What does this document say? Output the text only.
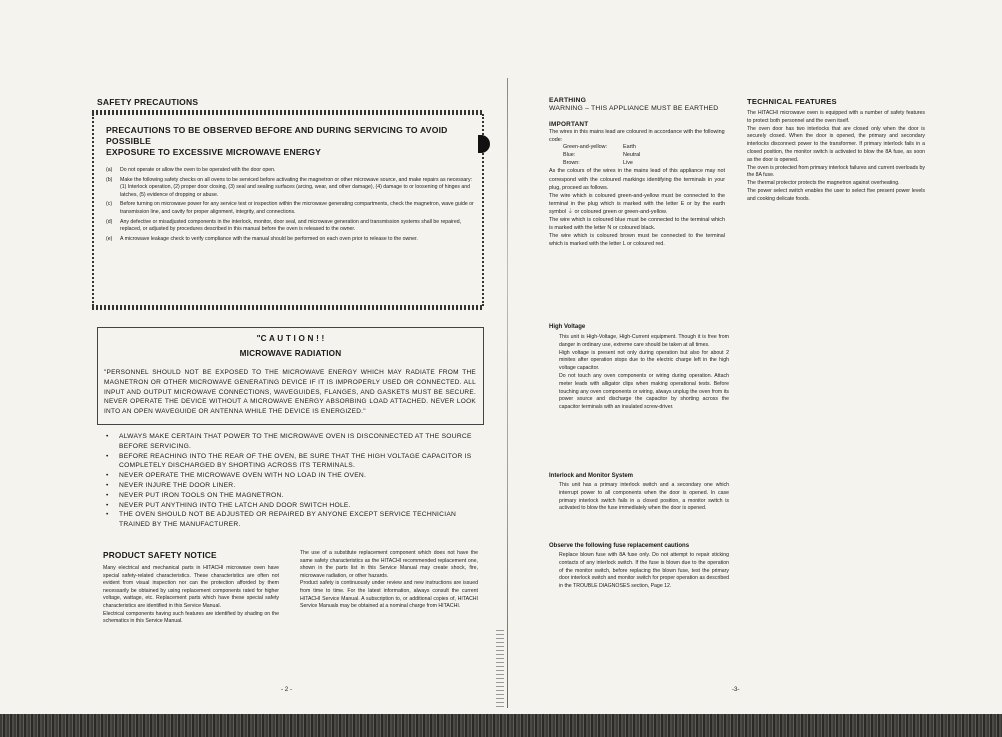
SAFETY PRECAUTIONS
PRECAUTIONS TO BE OBSERVED BEFORE AND DURING SERVICING TO AVOID POSSIBLE
EXPOSURE TO EXCESSIVE MICROWAVE ENERGY
(a) Do not operate or allow the oven to be operated with the door open.
(b) Make the following safety checks on all ovens to be serviced before activating the magnetron or other microwave source, and make repairs as necessary: (1) Interlock operation, (2) proper door closing, (3) seal and sealing surfaces (arcing, wear, and other damage), (4) damage to or loosening of hinges and latches, (5) evidence of dropping or abuse.
(c) Before turning on microwave power for any service test or inspection within the microwave generating compartments, check the magnetron, wave guide or transmission line, and cavity for proper alignment, integrity, and connections.
(d) Any defective or misadjusted components in the interlock, monitor, door seal, and microwave generation and transmission systems shall be repaired, replaced, or adjusted by procedures described in this manual before the oven is released to the owner.
(e) A microwave leakage check to verify compliance with the manual should be performed on each oven prior to release to the owner.
"C A U T I O N ! !
MICROWAVE RADIATION
"PERSONNEL SHOULD NOT BE EXPOSED TO THE MICROWAVE ENERGY WHICH MAY RADIATE FROM THE MAGNETRON OR OTHER MICROWAVE GENERATING DEVICE IF IT IS IMPROPERLY USED OR CONNECTED. ALL INPUT AND OUTPUT MICROWAVE CONNECTIONS, WAVEGUIDES, FLANGES, AND GASKETS MUST BE SECURE. NEVER OPERATE THE DEVICE WITHOUT A MICROWAVE ENERGY ABSORBING LOAD ATTACHED. NEVER LOOK INTO AN OPEN WAVEGUIDE OR ANTENNA WHILE THE DEVICE IS ENERGIZED."
• ALWAYS MAKE CERTAIN THAT POWER TO THE MICROWAVE OVEN IS DISCONNECTED AT THE SOURCE BEFORE SERVICING.
• BEFORE REACHING INTO THE REAR OF THE OVEN, BE SURE THAT THE HIGH VOLTAGE CAPACITOR IS COMPLETELY DISCHARGED BY SHORTING ACROSS ITS TERMINALS.
• NEVER OPERATE THE MICROWAVE OVEN WITH NO LOAD IN THE OVEN.
• NEVER INJURE THE DOOR LINER.
• NEVER PUT IRON TOOLS ON THE MAGNETRON.
• NEVER PUT ANYTHING INTO THE LATCH AND DOOR SWITCH HOLE.
• THE OVEN SHOULD NOT BE ADJUSTED OR REPAIRED BY ANYONE EXCEPT SERVICE TECHNICIAN TRAINED BY THE MANUFACTURER.
PRODUCT SAFETY NOTICE
Many electrical and mechanical parts in HITACHI microwave oven have special safety-related characteristics. These characteristics are often not evident from visual inspection nor can the protection afforded by them necessarily be obtained by using replacement components rated for higher voltage, wattage, etc. Replacement parts which have these special safety characteristics are identified in this Service Manual.
Electrical components having such features are identified by shading on the schematics in this Service Manual.
The use of a substitute replacement component which does not have the same safety characteristics as the HITACHI recommended replacement one, shown in the parts list in this Service Manual may create shock, fire, microwave radiation, or other hazards.
Product safety is continuously under review and new instructions are issued from time to time. For the latest information, always consult the current HITACHI Service Manual. A subscription to, or additional copies of, HITACHI Service Manuals may be obtained at a nominal charge from HITACHI.
- 2 -
EARTHING
WARNING – THIS APPLIANCE MUST BE EARTHED
IMPORTANT

The wires in this mains lead are coloured in accordance with the following code:

Green-and-yellow:	Earth
Blue:	Neutral
Brown:	Live

As the colours of the wires in the mains lead of this appliance may not correspond with the coloured markings identifying the terminals in your plug, proceed as follows.
The wire which is coloured green-and-yellow must be connected to the terminal in the plug which is marked with the letter E or by the earth symbol ⏚ or coloured green or green-and-yellow.
The wire which is coloured blue must be connected to the terminal which is marked with the letter N or coloured black.
The wire which is coloured brown must be connected to the terminal which is marked with the letter L or coloured red.

TECHNICAL FEATURES

The HITACHI microwave oven is equipped with a number of safety features to protect both personnel and the oven itself.
The oven door has two interlocks that are closed only when the door is securely closed. When the door is opened, the primary and secondary interlocks disconnect power to the transformer. If primary interlock fails in a closed position, the monitor switch is activated to blow the 8A fuse, as soon as the door is opened.
The oven is protected from primary interlock failures and current overloads by the 8A fuse.
The thermal protector protects the magnetron against overheating.
The power select switch enables the user to select five present power levels and cooking delicate foods.

High Voltage

This unit is High-Voltage, High-Current equipment. Though it is free from danger in ordinary use, extreme care should be taken at all times.
High voltage is present not only during operation but also for about 2 minites after operation stops due to the electric charge left in the high voltage capacitor.
Do not touch any oven components or wiring during operation. Attach meter leads with alligator clips when making operational tests. Before touching any oven components or wiring, always unplug the oven from its power source and discharge the capacitor by shorting across the capacitor terminals with an insulated screw-driver.

Interlock and Monitor System

This unit has a primary interlock switch and a secondary one which interrupt power to all components when the door is opened. In case primary interlock switch fails in a closed position, a monitor switch is activated to blow the fuse immediately when the door is opened.

Observe the following fuse replacement cautions

Replace blown fuse with 8A fuse only. Do not attempt to repair sticking contacts of any interlock switch. If the fuse is blown due to the operation of the monitor switch, before replacing the blown fuse, test the primary door interlock switch and monitor switch for proper operation as described in the TROUBLE DIAGNOSES section, Page 12.

-3-
